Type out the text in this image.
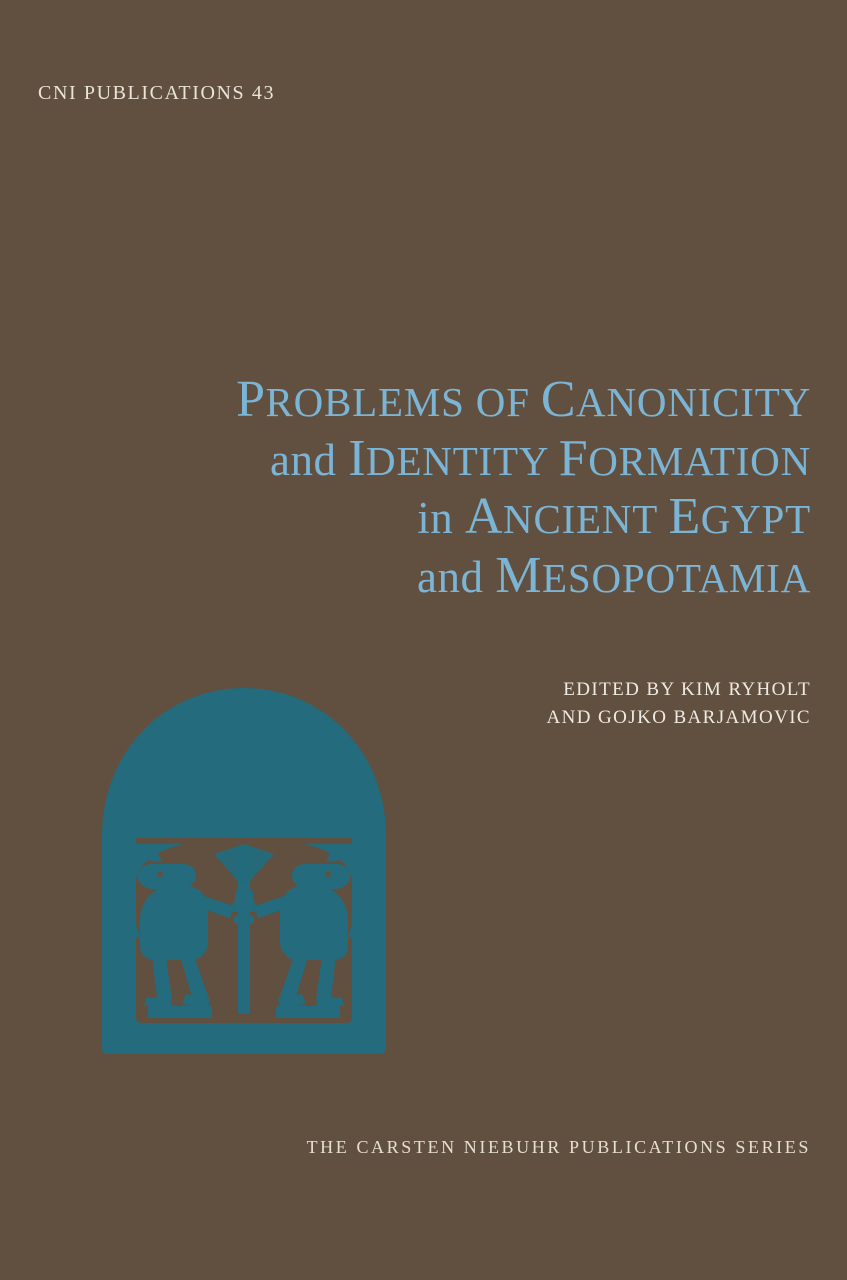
CNI PUBLICATIONS 43
PROBLEMS OF CANONICITY
and IDENTITY FORMATION
in ANCIENT EGYPT
and MESOPOTAMIA
EDITED BY KIM RYHOLT
AND GOJKO BARJAMOVIC
THE CARSTEN NIEBUHR PUBLICATIONS SERIES
